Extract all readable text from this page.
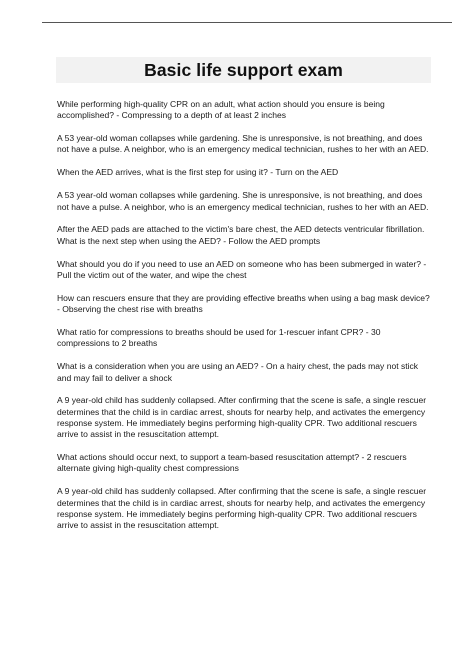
Basic life support exam

While performing high-quality CPR on an adult, what action should you ensure is being accomplished? - Compressing to a depth of at least 2 inches

A 53 year-old woman collapses while gardening. She is unresponsive, is not breathing, and does not have a pulse. A neighbor, who is an emergency medical technician, rushes to her with an AED.

When the AED arrives, what is the first step for using it? - Turn on the AED

A 53 year-old woman collapses while gardening. She is unresponsive, is not breathing, and does not have a pulse. A neighbor, who is an emergency medical technician, rushes to her with an AED.

After the AED pads are attached to the victim's bare chest, the AED detects ventricular fibrillation. What is the next step when using the AED? - Follow the AED prompts

What should you do if you need to use an AED on someone who has been submerged in water? - Pull the victim out of the water, and wipe the chest

How can rescuers ensure that they are providing effective breaths when using a bag mask device? - Observing the chest rise with breaths

What ratio for compressions to breaths should be used for 1-rescuer infant CPR? - 30 compressions to 2 breaths

What is a consideration when you are using an AED? - On a hairy chest, the pads may not stick and may fail to deliver a shock

A 9 year-old child has suddenly collapsed. After confirming that the scene is safe, a single rescuer determines that the child is in cardiac arrest, shouts for nearby help, and activates the emergency response system. He immediately begins performing high-quality CPR. Two additional rescuers arrive to assist in the resuscitation attempt.

What actions should occur next, to support a team-based resuscitation attempt? - 2 rescuers alternate giving high-quality chest compressions

A 9 year-old child has suddenly collapsed. After confirming that the scene is safe, a single rescuer determines that the child is in cardiac arrest, shouts for nearby help, and activates the emergency response system. He immediately begins performing high-quality CPR. Two additional rescuers arrive to assist in the resuscitation attempt.
